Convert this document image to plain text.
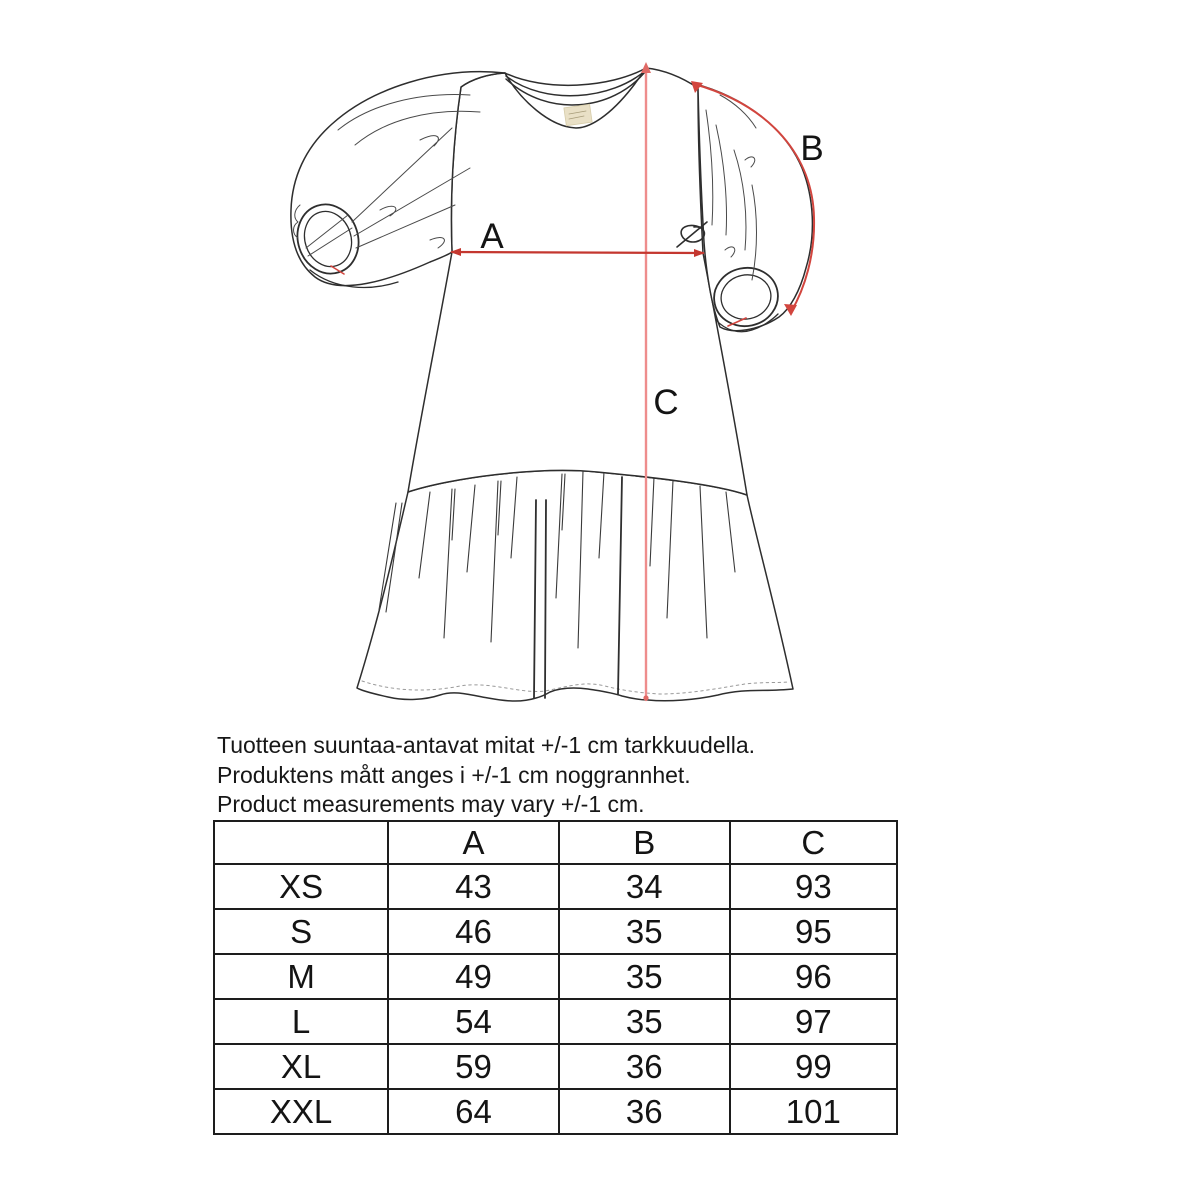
A
B
C
Tuotteen suuntaa-antavat mitat +/-1 cm tarkkuudella.
Produktens mått anges i +/-1 cm noggrannhet.
Product measurements may vary +/-1 cm.
	A	B	C
XS	43	34	93
S	46	35	95
M	49	35	96
L	54	35	97
XL	59	36	99
XXL	64	36	101
